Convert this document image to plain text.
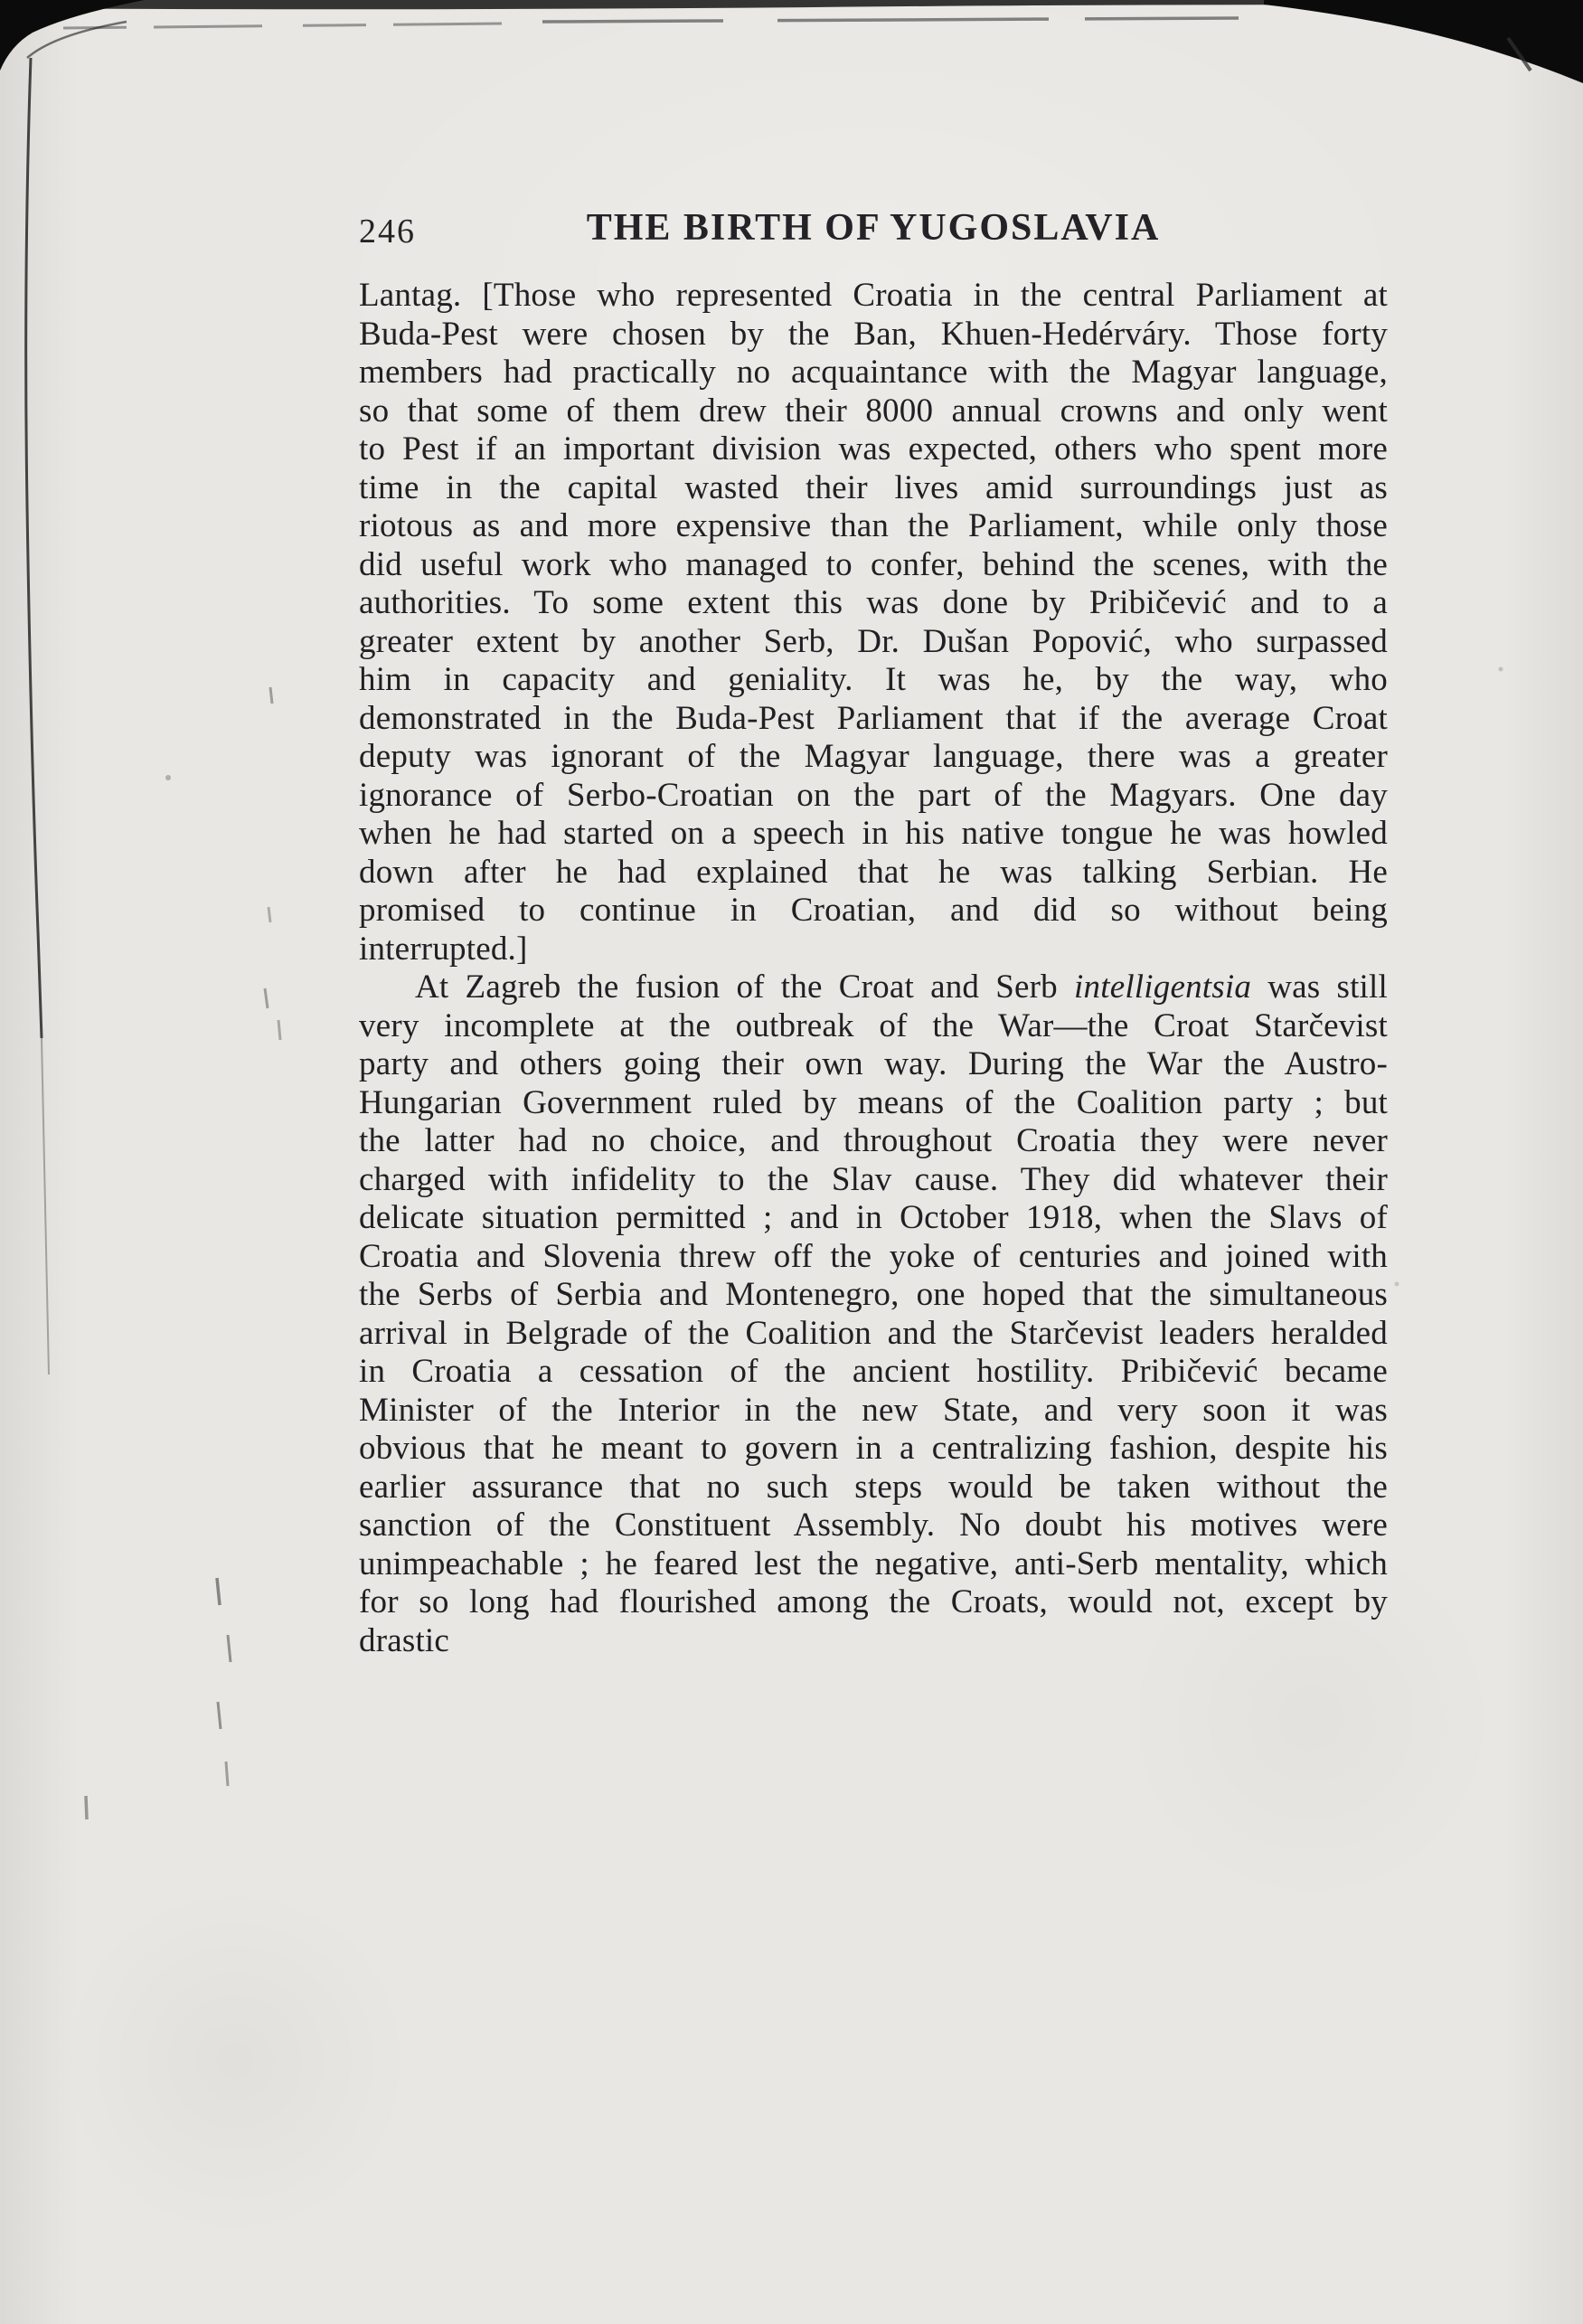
246	THE BIRTH OF YUGOSLAVIA

Lantag. [Those who represented Croatia in the central Parliament at Buda-Pest were chosen by the Ban, Khuen-Hedérváry. Those forty members had practically no acquaintance with the Magyar language, so that some of them drew their 8000 annual crowns and only went to Pest if an important division was expected, others who spent more time in the capital wasted their lives amid surroundings just as riotous as and more expensive than the Parliament, while only those did useful work who managed to confer, behind the scenes, with the authorities. To some extent this was done by Pribičević and to a greater extent by another Serb, Dr. Dušan Popović, who surpassed him in capacity and geniality. It was he, by the way, who demonstrated in the Buda-Pest Parliament that if the average Croat deputy was ignorant of the Magyar language, there was a greater ignorance of Serbo-Croatian on the part of the Magyars. One day when he had started on a speech in his native tongue he was howled down after he had explained that he was talking Serbian. He promised to continue in Croatian, and did so without being interrupted.]

At Zagreb the fusion of the Croat and Serb intelligentsia was still very incomplete at the outbreak of the War—the Croat Starčevist party and others going their own way. During the War the Austro-Hungarian Government ruled by means of the Coalition party ; but the latter had no choice, and throughout Croatia they were never charged with infidelity to the Slav cause. They did whatever their delicate situation permitted ; and in October 1918, when the Slavs of Croatia and Slovenia threw off the yoke of centuries and joined with the Serbs of Serbia and Montenegro, one hoped that the simultaneous arrival in Belgrade of the Coalition and the Starčevist leaders heralded in Croatia a cessation of the ancient hostility. Pribičević became Minister of the Interior in the new State, and very soon it was obvious that he meant to govern in a centralizing fashion, despite his earlier assurance that no such steps would be taken without the sanction of the Constituent Assembly. No doubt his motives were unimpeachable ; he feared lest the negative, anti-Serb mentality, which for so long had flourished among the Croats, would not, except by drastic
